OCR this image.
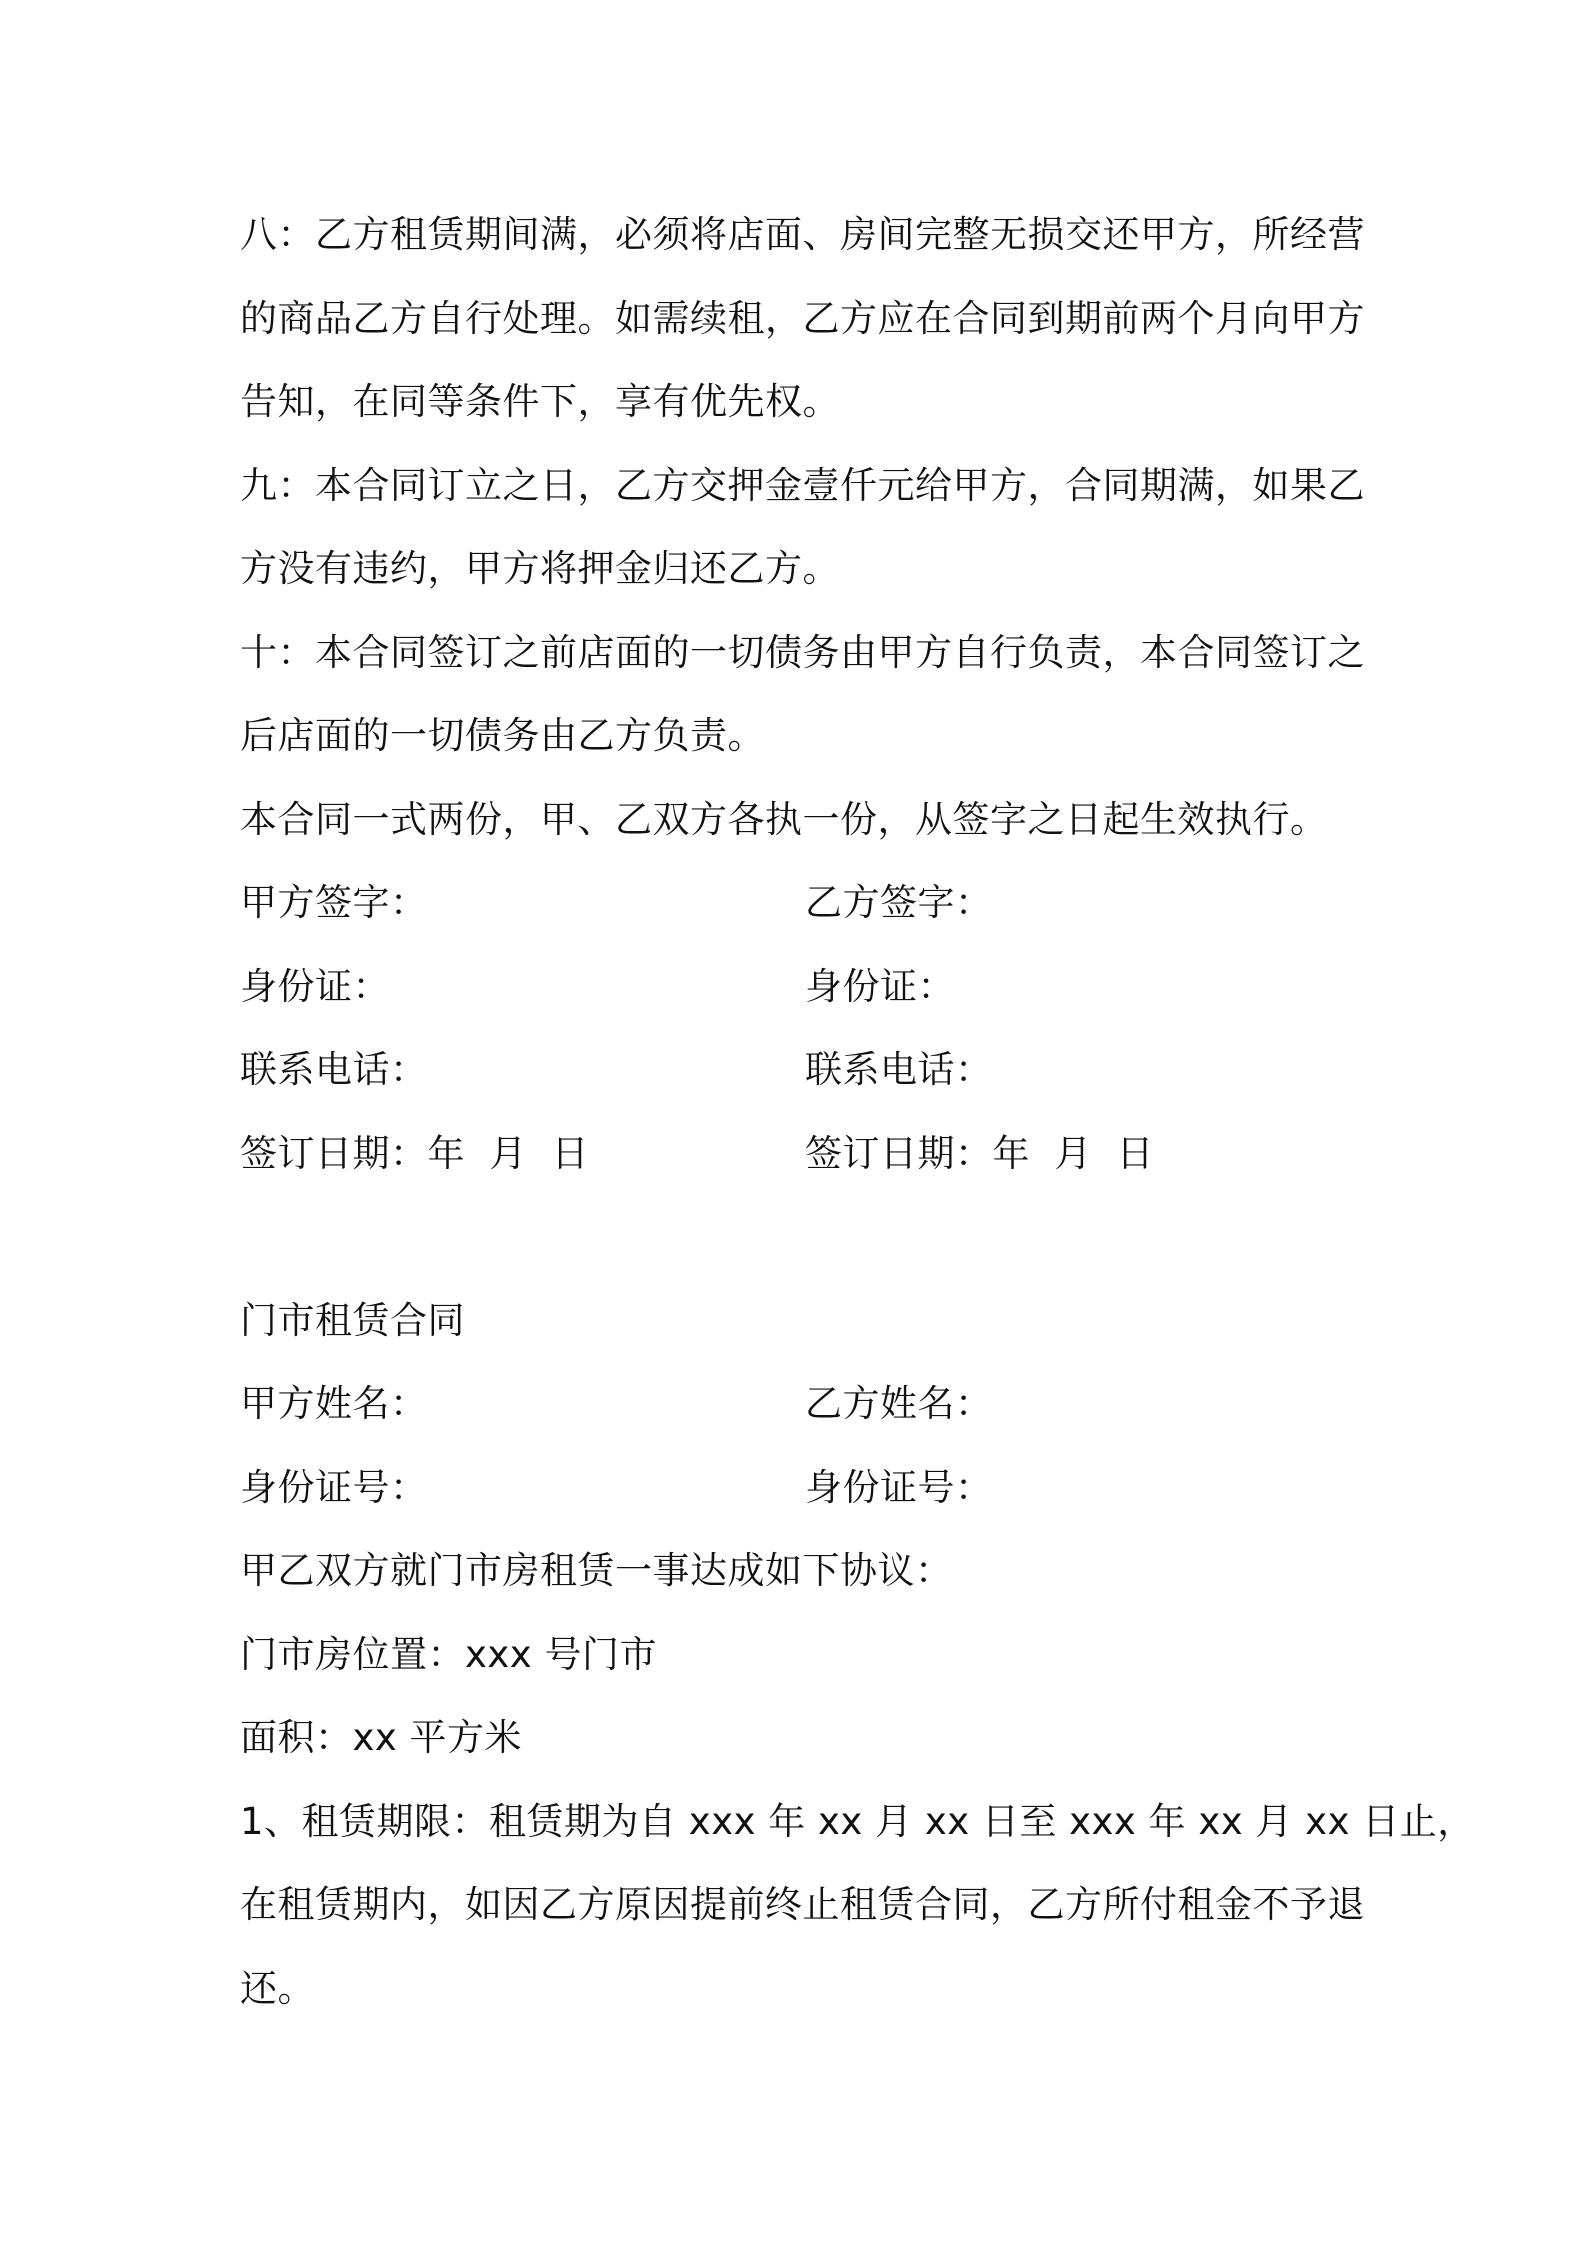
八：乙方租赁期间满，必须将店面、房间完整无损交还甲方，所经营
的商品乙方自行处理。如需续租，乙方应在合同到期前两个月向甲方
告知，在同等条件下，享有优先权。
九：本合同订立之日，乙方交押金壹仟元给甲方，合同期满，如果乙
方没有违约，甲方将押金归还乙方。
十：本合同签订之前店面的一切债务由甲方自行负责，本合同签订之
后店面的一切债务由乙方负责。
本合同一式两份，甲、乙双方各执一份，从签字之日起生效执行。
甲方签字：	乙方签字：
身份证：	身份证：
联系电话：	联系电话：
签订日期：年  月  日	签订日期：年  月  日
门市租赁合同
甲方姓名：	乙方姓名：
身份证号：	身份证号：
甲乙双方就门市房租赁一事达成如下协议：
门市房位置：xxx 号门市
面积：xx 平方米
1、租赁期限：租赁期为自 xxx 年 xx 月 xx 日至 xxx 年 xx 月 xx 日止，
在租赁期内，如因乙方原因提前终止租赁合同，乙方所付租金不予退
还。
